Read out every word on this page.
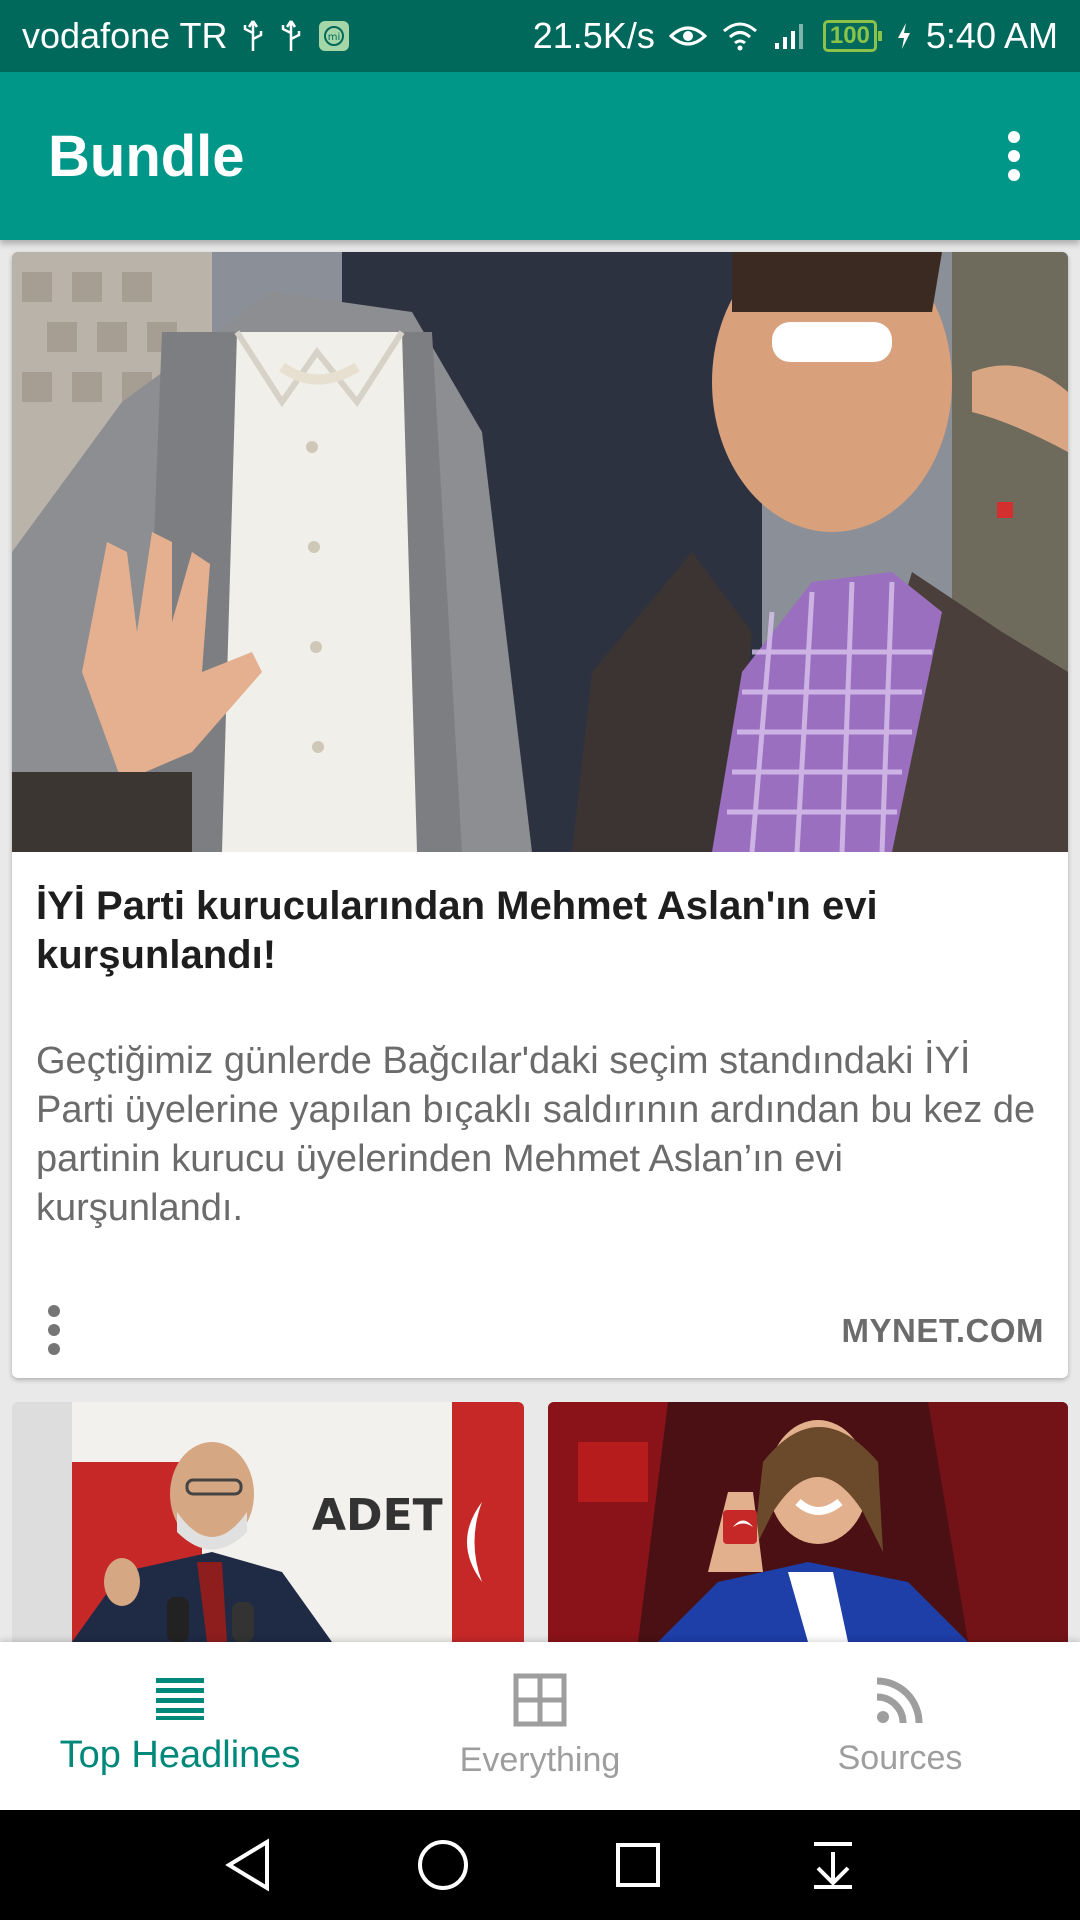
vodafone TR	mi	21.5K/s	100 5:40 AM
Bundle

İYİ Parti kurucularından Mehmet Aslan'ın evi kurşunlandı!

Geçtiğimiz günlerde Bağcılar'daki seçim standındaki İYİ Parti üyelerine yapılan bıçaklı saldırının ardından bu kez de partinin kurucu üyelerinden Mehmet Aslan’ın evi kurşunlandı.

MYNET.COM
ADET
Top Headlines	Everything	Sources
